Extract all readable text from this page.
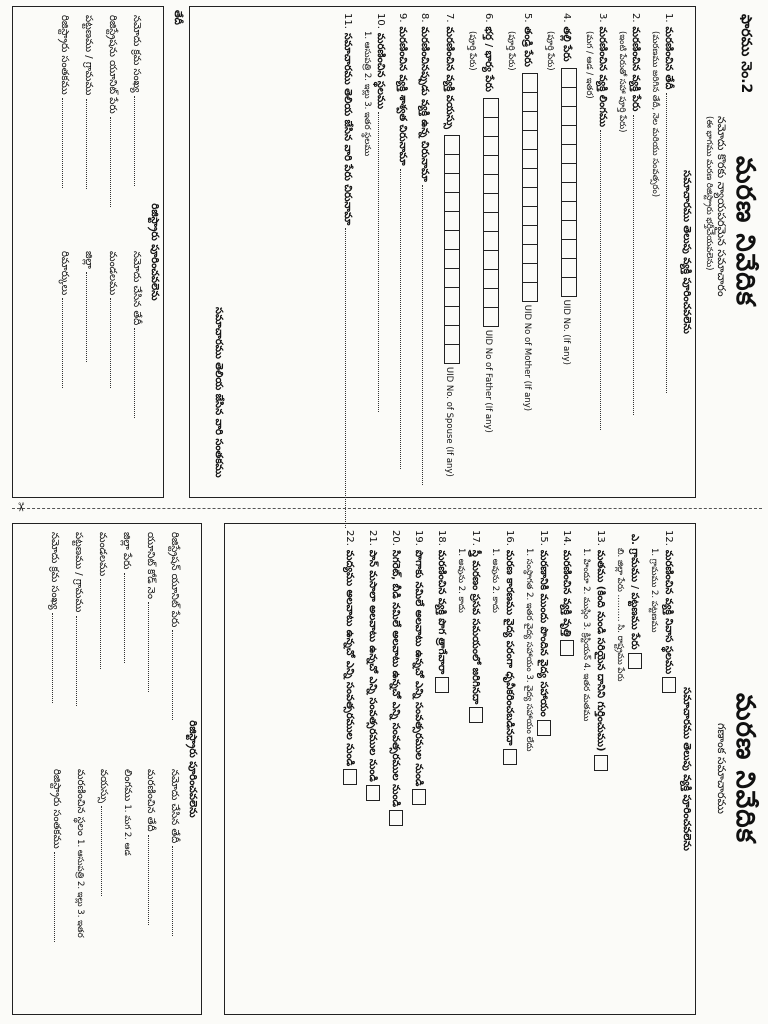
ఫారము నెం.2
మరణ నివేదిక
నమోదు కొరకు న్యాయపరమైన సమాచారం
(ఈ భాగము మరణ రిజిస్ట్రారు భర్తీచేయవలెను)
సమాచారము తెలుపు వ్యక్తి పూరించవలెను
1.మరణించిన తేదీ
(మరణము జరిగిన తేదీ, నెల మరియు సంవత్సరం)
2.మరణించిన వ్యక్తి పేరు
(ఇంటి పేరుతో సహా పూర్తి పేరు)
3.మరణించిన వ్యక్తి లింగము
(మగ / ఆడ / ఇతర)
4.తల్లి పేరుUID No. (If any)
(పూర్తి పేరు)
5.తండ్రి పేరుUID No of Mother (If any)
(పూర్తి పేరు)
6.భర్త / భార్య పేరుUID No of Father (If any)
(పూర్తి పేరు)
7.మరణించిన వ్యక్తి వయస్సుUID No. of Spouse (If any)
8.మరణించినప్పుడు వ్యక్తి ఉన్న చిరునామా
9.మరణించిన వ్యక్తి శాశ్వత చిరునామా
10.మరణించిన స్థలము
1. ఆసుపత్రి 2. ఇల్లు 3. ఇతర స్థలము
11.సమాచారము తెలియ జేసిన వారి పేరు చిరునామా
సమాచారము తెలియ జేసిన వారి సంతకము
తేదీ
రిజిస్ట్రారు పూరించవలెను
నమోదు క్రమ సంఖ్య
నమోదు చేసిన తేదీ
రిజిస్ట్రేషను యూనిట్ పేరు
మండలము
పట్టణము / గ్రామము
జిల్లా
రిజిస్ట్రారు సంతకము
రిమార్కులు
✂
మరణ నివేదిక
గణాంక సమాచారము
సమాచారము తెలుపు వ్యక్తి పూరించవలెను
12.మరణించిన వ్యక్తి నివాస స్థలము
1. గ్రామము 2. పట్టణము
ఎ. గ్రామము / పట్టణము పేరు
బి. జిల్లా పేరు .......... సి. రాష్ట్రము పేరు
13.మతము (కింది నుండి సరియైన దానిని గుర్తించుము)
1. హిందూ 2. ముస్లిం 3. క్రిస్టియన్ 4. ఇతర మతము
14.మరణించిన వ్యక్తి వృత్తి
15.మరణానికి ముందు పొందిన వైద్య సహాయం
1. సంస్థాగత 2. ఇతర వైద్య సహాయం 3. వైద్య సహాయం లేదు
16.మరణ కారణము వైద్య పరంగా ధృవీకరించబడినదా
1. అవును 2. కాదు
17.స్త్రీ మరణం ప్రసవ సమయంలో జరిగినదా
1. అవును 2. కాదు
18.మరణించిన వ్యక్తి పొగ త్రాగేవారా
19.పొగాకు నమిలే అలవాటు ఉన్నచో ఎన్ని సంవత్సరముల నుండి
20.సిగరెట్, బీడి నమిలే అలవాటు ఉన్నచో ఎన్ని సంవత్సరముల నుండి
21.పాన్ మసాలా అలవాటు ఉన్నచో ఎన్ని సంవత్సరముల నుండి
22.మద్యము అలవాటు ఉన్నచో ఎన్ని సంవత్సరముల నుండి
రిజిస్ట్రారు పూరించవలెను
రిజిస్ట్రేషన్ యూనిట్ పేరు
యూనిట్ కోడ్ నెం
జిల్లా పేరు
మండలము
పట్టణము / గ్రామము
నమోదు క్రమ సంఖ్య
నమోదు చేసిన తేదీ
మరణించిన తేదీ
లింగము 1. మగ 2. ఆడ
వయస్సు
మరణించిన స్థలం 1. ఆసుపత్రి 2. ఇల్లు 3. ఇతర
రిజిస్ట్రారు సంతకము
